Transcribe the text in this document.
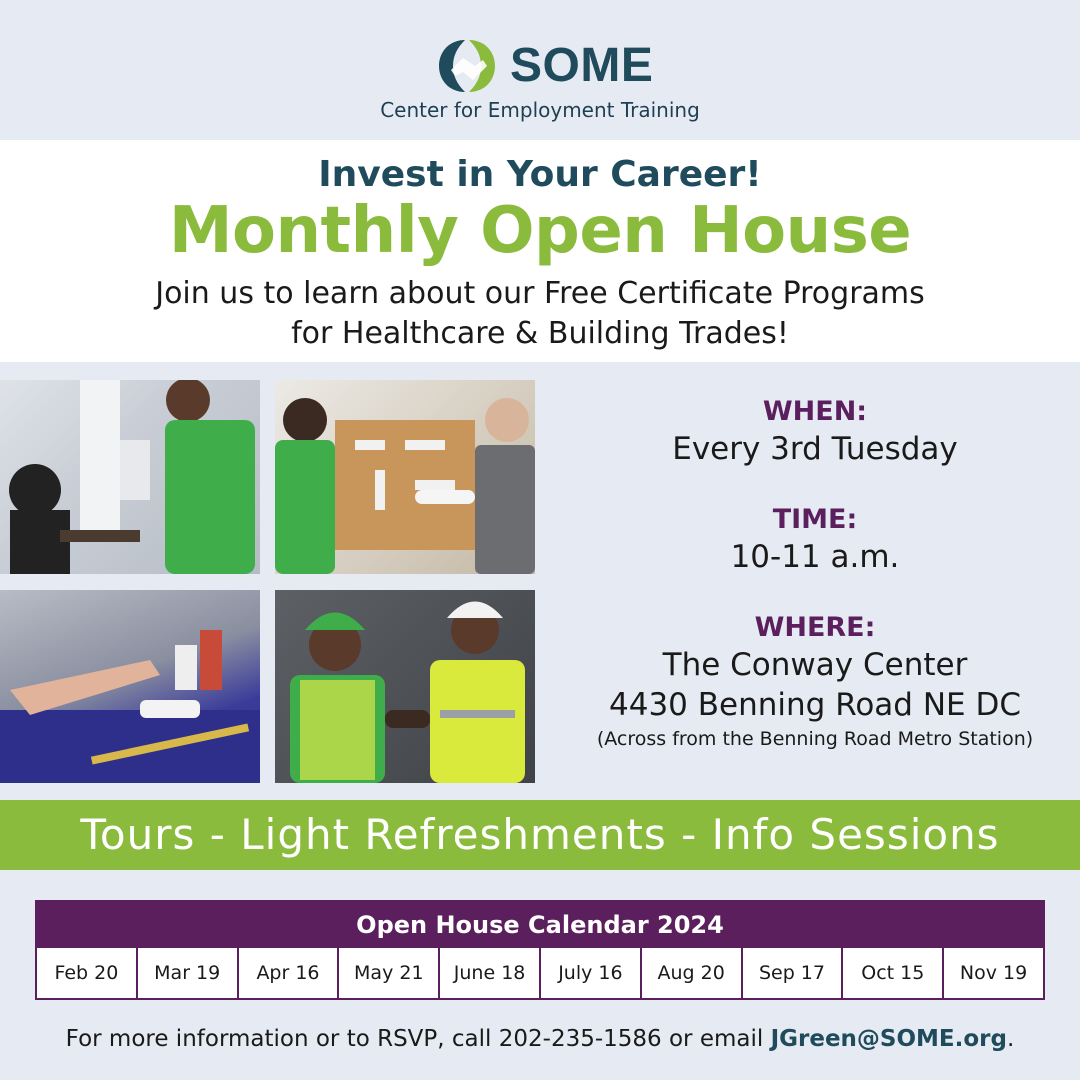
SOME
Center for Employment Training
Invest in Your Career!
Monthly Open House
Join us to learn about our Free Certificate Programs
for Healthcare & Building Trades!
WHEN:
Every 3rd Tuesday
TIME:
10-11 a.m.
WHERE:
The Conway Center
4430 Benning Road NE DC
(Across from the Benning Road Metro Station)
Tours - Light Refreshments - Info Sessions
Open House Calendar 2024
Feb 20	Mar 19	Apr 16	May 21	June 18	July 16	Aug 20	Sep 17	Oct 15	Nov 19
For more information or to RSVP, call 202-235-1586 or email JGreen@SOME.org.
